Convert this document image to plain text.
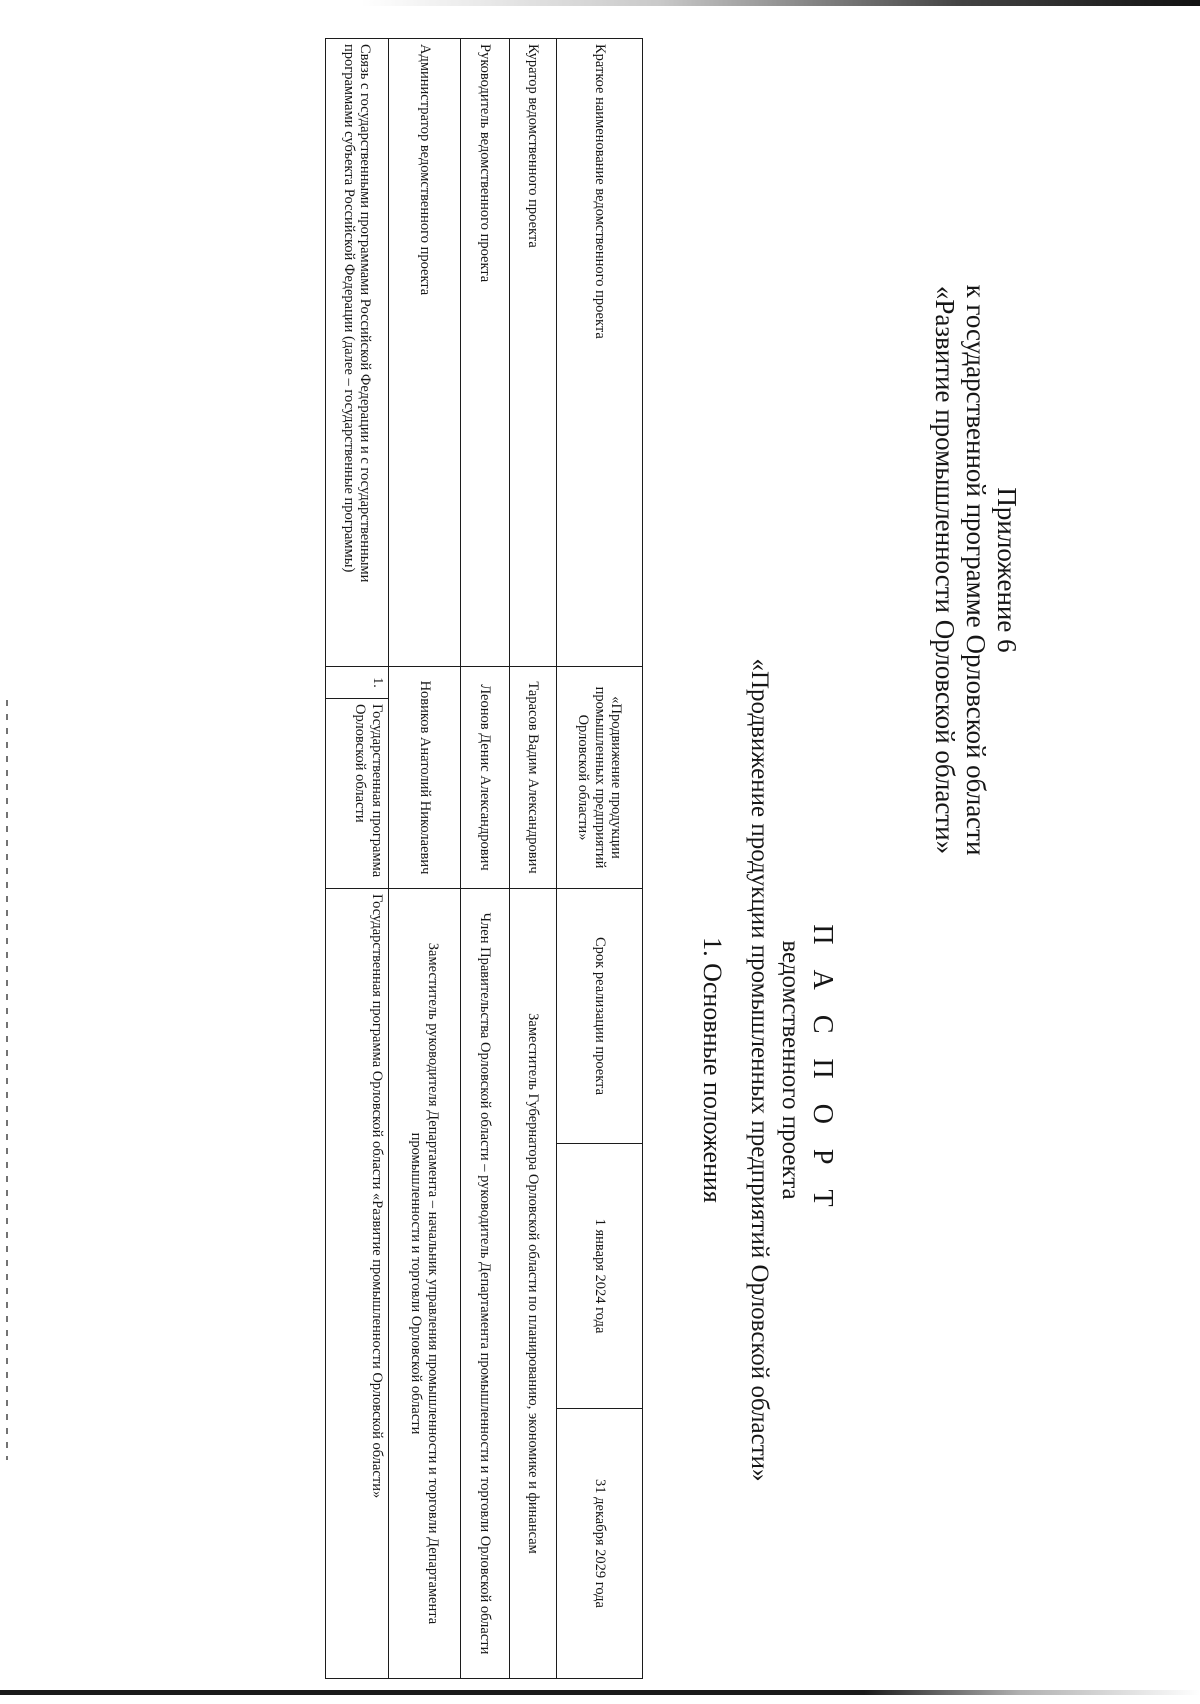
Приложение 6
к государственной программе Орловской области
«Развитие промышленности Орловской области»
П А С П О Р Т
ведомственного проекта
«Продвижение продукции промышленных предприятий Орловской области»
1. Основные положения
Краткое наименование ведомственного проекта	«Продвижение продукции промышленных предприятий Орловской области»		Срок реализации проекта	1 января 2024 года	31 декабря 2029 года
Куратор ведомственного проекта	Тарасов Вадим Александрович		Заместитель Губернатора Орловской области по планированию, экономике и финансам		
Руководитель ведомственного проекта	Леонов Денис Александрович		Член Правительства Орловской области – руководитель Департамента промышленности и торговли Орловской области		
Администратор ведомственного проекта	Новиков Анатолий Николаевич		Заместитель руководителя Департамента – начальник управления промышленности и торговли Департамента промышленности и торговли Орловской области		
Связь с государственными программами Российской Федерации и с государственными программами субъекта Российской Федерации (далее – государственные программы)	1.	Государственная программа Орловской области	Государственная программа Орловской области «Развитие промышленности Орловской области»		
